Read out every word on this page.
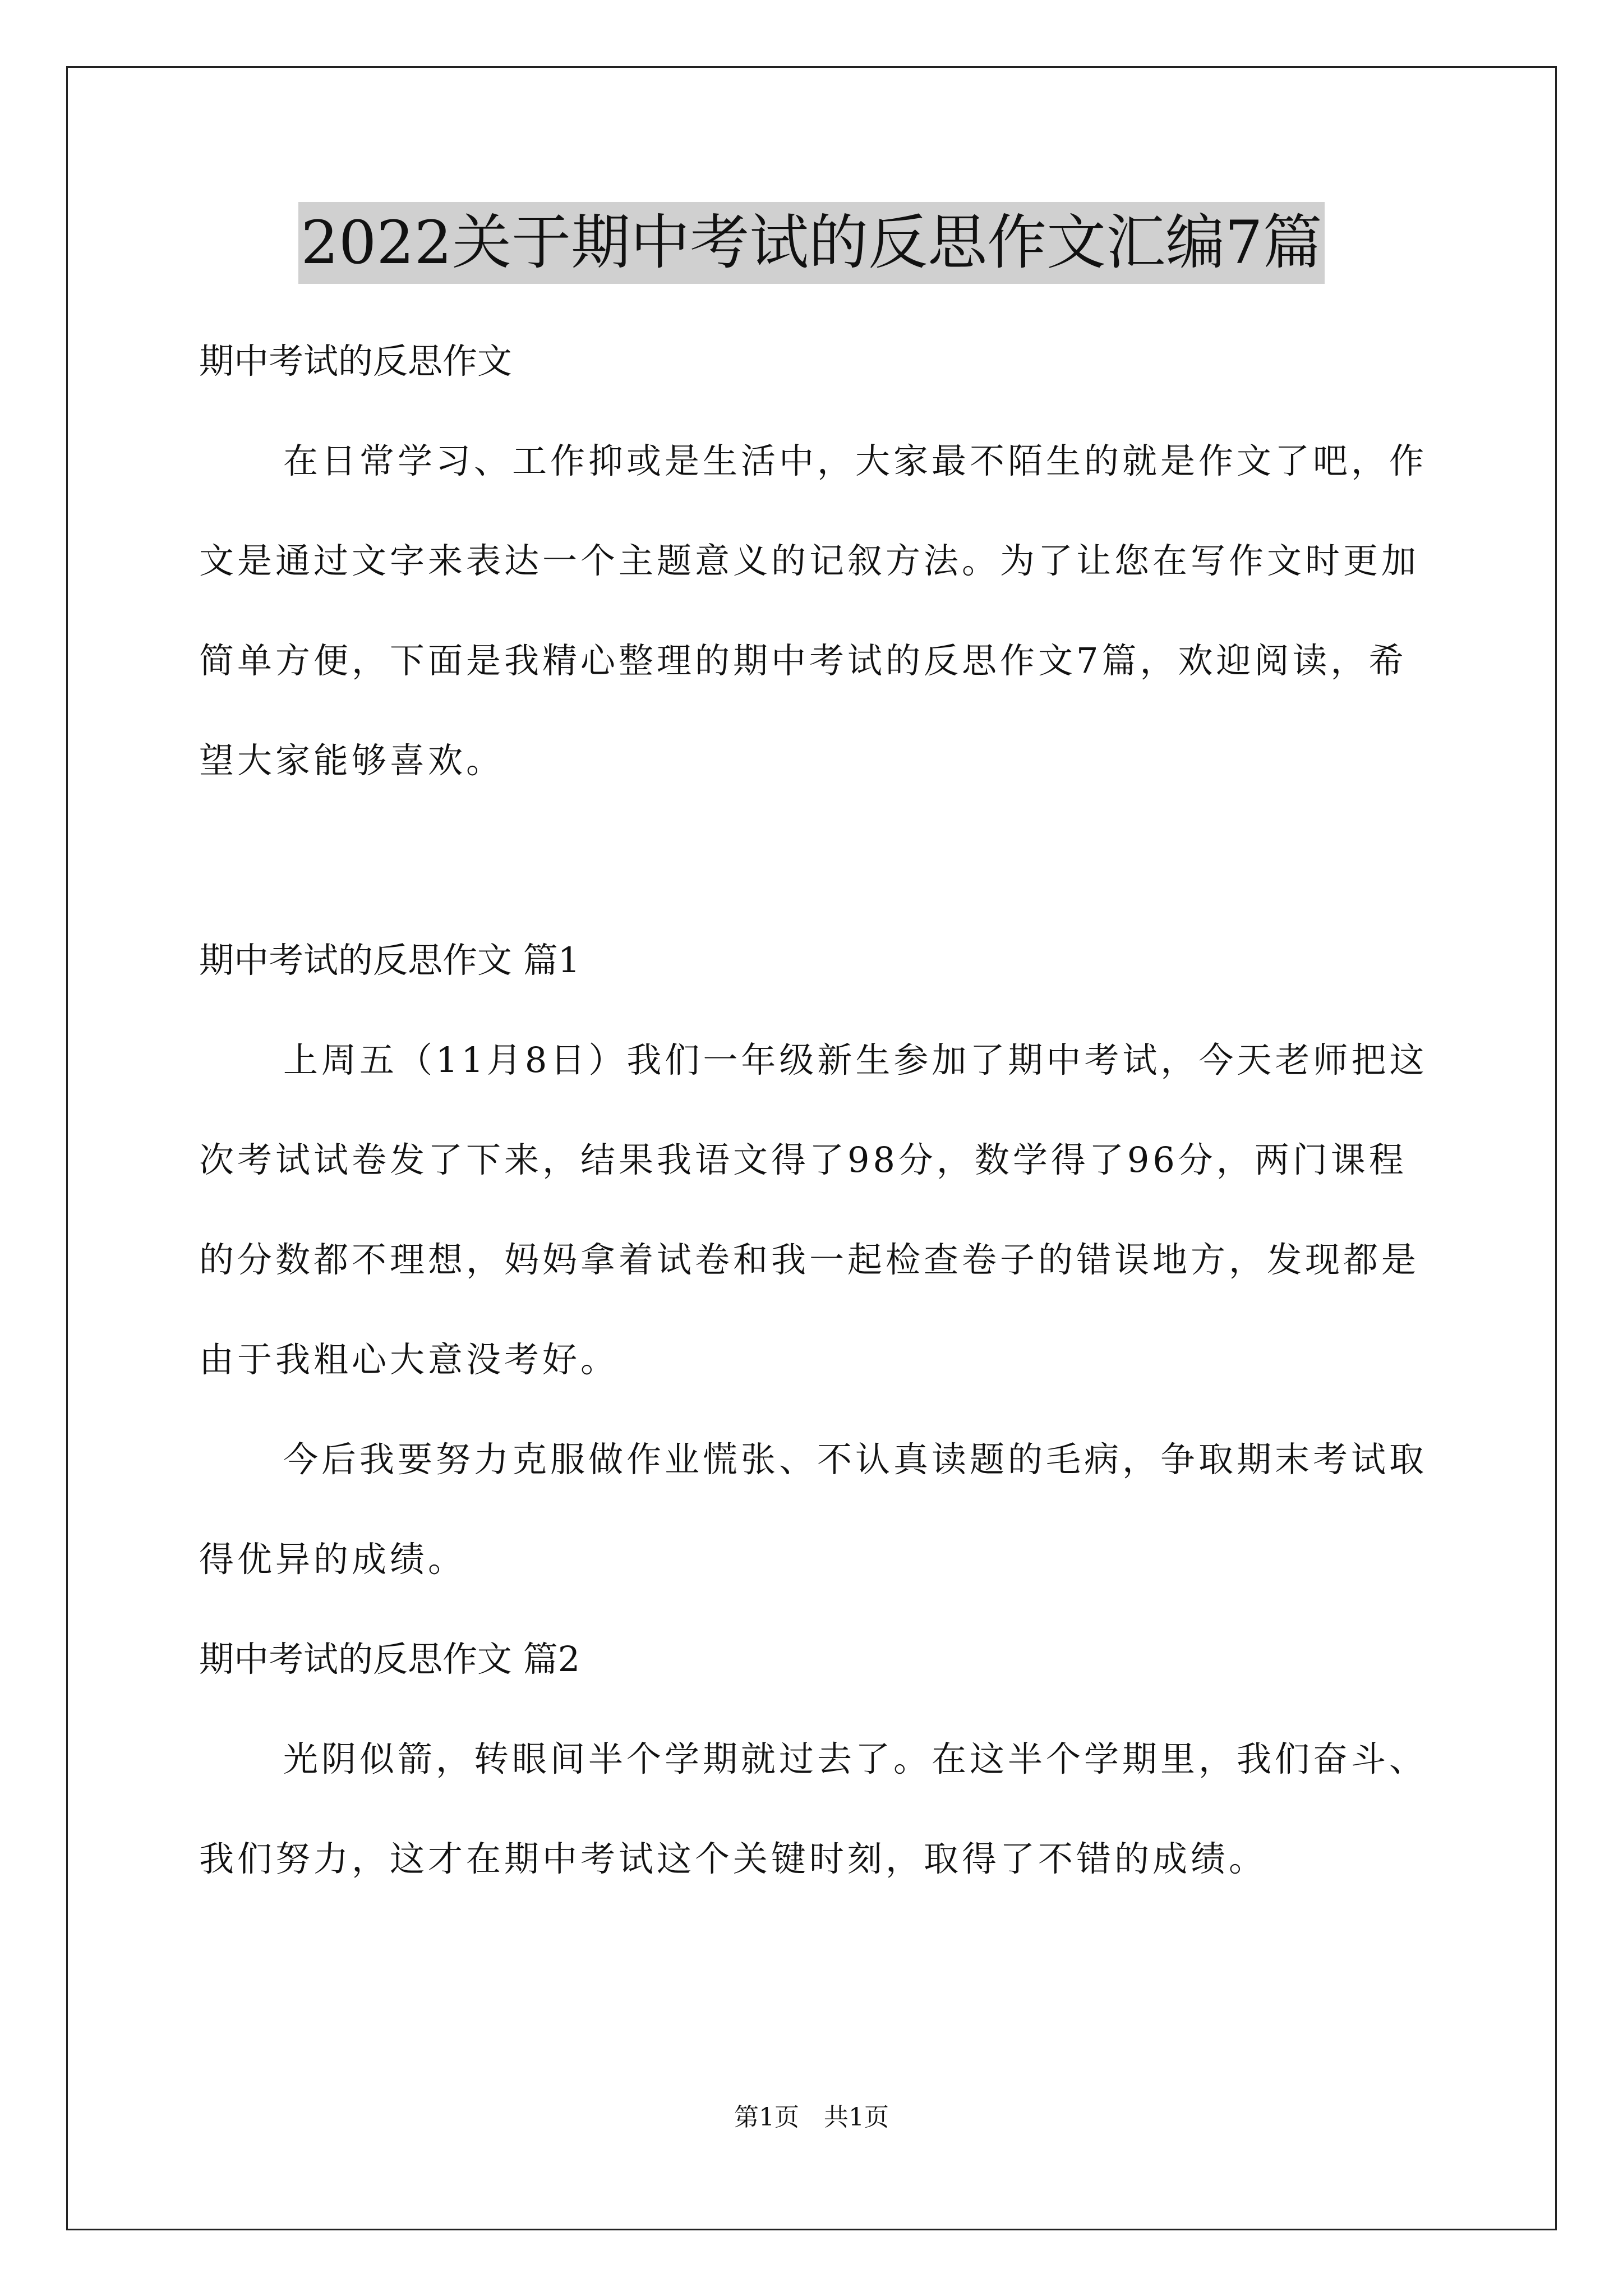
2022关于期中考试的反思作文汇编7篇

期中考试的反思作文

在日常学习、工作抑或是生活中，大家最不陌生的就是作文了吧，作文是通过文字来表达一个主题意义的记叙方法。为了让您在写作文时更加简单方便，下面是我精心整理的期中考试的反思作文7篇，欢迎阅读，希望大家能够喜欢。

期中考试的反思作文 篇1

上周五（11月8日）我们一年级新生参加了期中考试，今天老师把这次考试试卷发了下来，结果我语文得了98分，数学得了96分，两门课程的分数都不理想，妈妈拿着试卷和我一起检查卷子的错误地方，发现都是由于我粗心大意没考好。

今后我要努力克服做作业慌张、不认真读题的毛病，争取期末考试取得优异的成绩。

期中考试的反思作文 篇2

光阴似箭，转眼间半个学期就过去了。在这半个学期里，我们奋斗、我们努力，这才在期中考试这个关键时刻，取得了不错的成绩。

第1页　共1页
